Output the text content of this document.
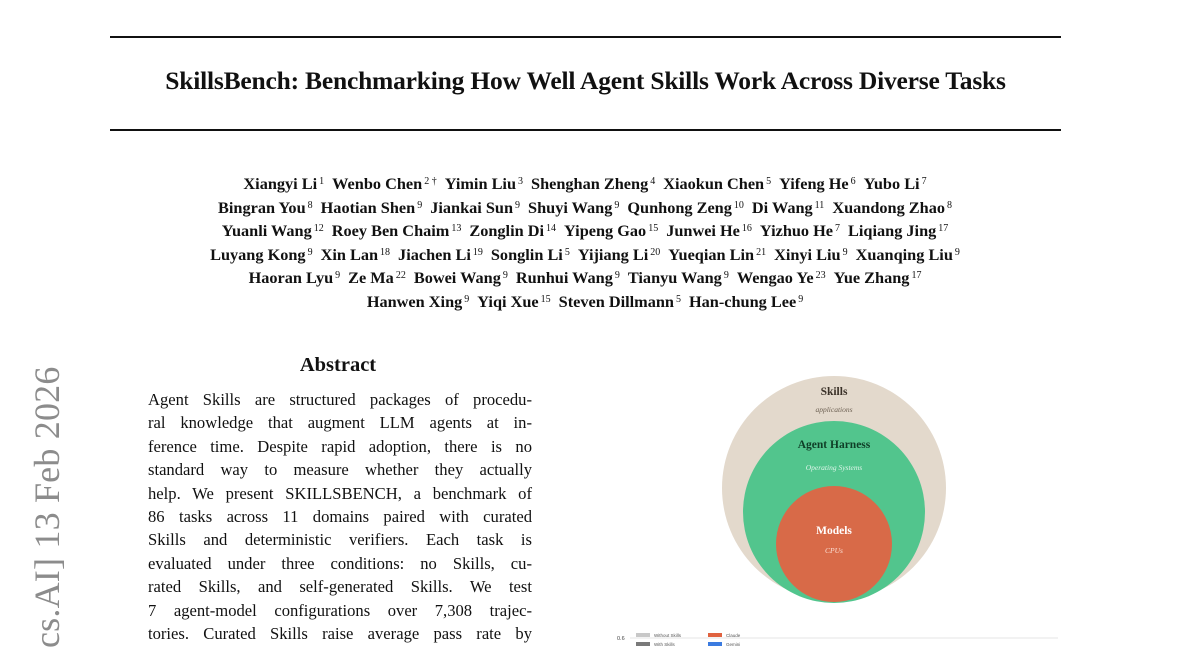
SkillsBench: Benchmarking How Well Agent Skills Work Across Diverse Tasks
Xiangyi Li $^1$ Wenbo Chen $^{2 \dagger}$ Yimin Liu $^3$ Shenghan Zheng $^4$ Xiaokun Chen $^5$ Yifeng He $^6$ Yubo Li $^7$
Bingran You $^8$ Haotian Shen $^9$ Jiankai Sun $^9$ Shuyi Wang $^9$ Qunhong Zeng $^{10}$ Di Wang $^{11}$ Xuandong Zhao $^8$
Yuanli Wang $^{12}$ Roey Ben Chaim $^{13}$ Zonglin Di $^{14}$ Yipeng Gao $^{15}$ Junwei He $^{16}$ Yizhuo He $^7$ Liqiang Jing $^{17}$
Luyang Kong $^9$ Xin Lan $^{18}$ Jiachen Li $^{19}$ Songlin Li $^5$ Yijiang Li $^{20}$ Yueqian Lin $^{21}$ Xinyi Liu $^9$ Xuanqing Liu $^9$
Haoran Lyu $^9$ Ze Ma $^{22}$ Bowei Wang $^9$ Runhui Wang $^9$ Tianyu Wang $^9$ Wengao Ye $^{23}$ Yue Zhang $^{17}$
Hanwen Xing $^9$ Yiqi Xue $^{15}$ Steven Dillmann $^5$ Han-chung Lee $^9$
cs.AI] 13 Feb 2026
Abstract
Agent Skills are structured packages of procedu-
ral knowledge that augment LLM agents at in-
ference time. Despite rapid adoption, there is no
standard way to measure whether they actually
help. We present SKILLSBENCH, a benchmark of
86 tasks across 11 domains paired with curated
Skills and deterministic verifiers. Each task is
evaluated under three conditions: no Skills, cu-
rated Skills, and self-generated Skills. We test
7 agent-model configurations over 7,308 trajec-
tories. Curated Skills raise average pass rate by
Skills
applications
Agent Harness
Operating Systems
Models
CPUs
0.6
Without Skills	Claude
With Skills	Gemini
